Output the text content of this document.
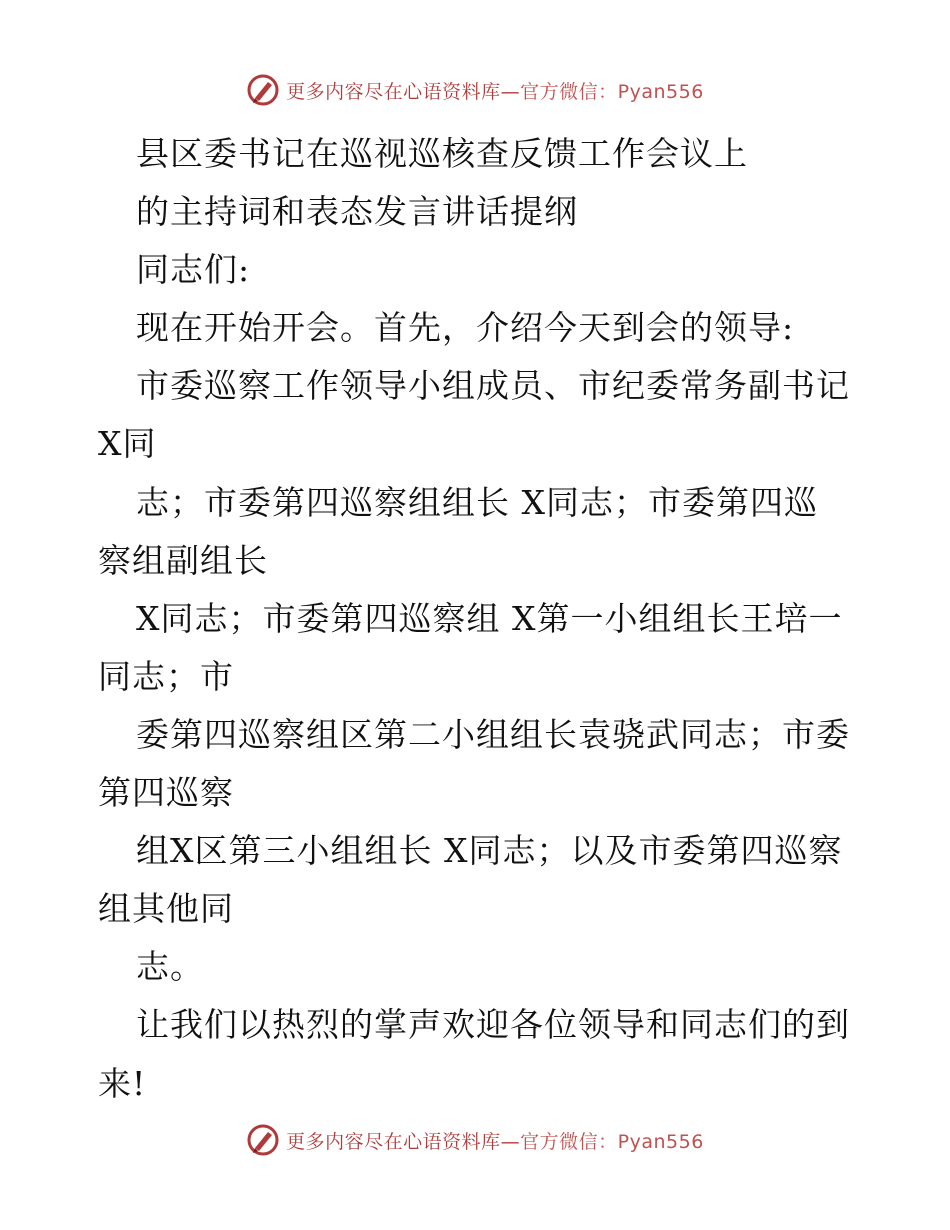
更多内容尽在心语资料库— 官方微信：Pyan556
县区委书记在巡视巡核查反馈工作会议上
的主持词和表态发言讲话提纲
同志们:
现在开始开会。首先，介绍今天到会的领导:
市委巡察工作领导小组成员、市纪委常务副书记
X同
志；市委第四巡察组组长 X同志；市委第四巡
察组副组长
X同志；市委第四巡察组 X第一小组组长王培一
同志；市
委第四巡察组区第二小组组长袁骁武同志；市委
第四巡察
组X区第三小组组长 X同志；以及市委第四巡察
组其他同
志。
让我们以热烈的掌声欢迎各位领导和同志们的到
来!
更多内容尽在心语资料库— 官方微信：Pyan556
